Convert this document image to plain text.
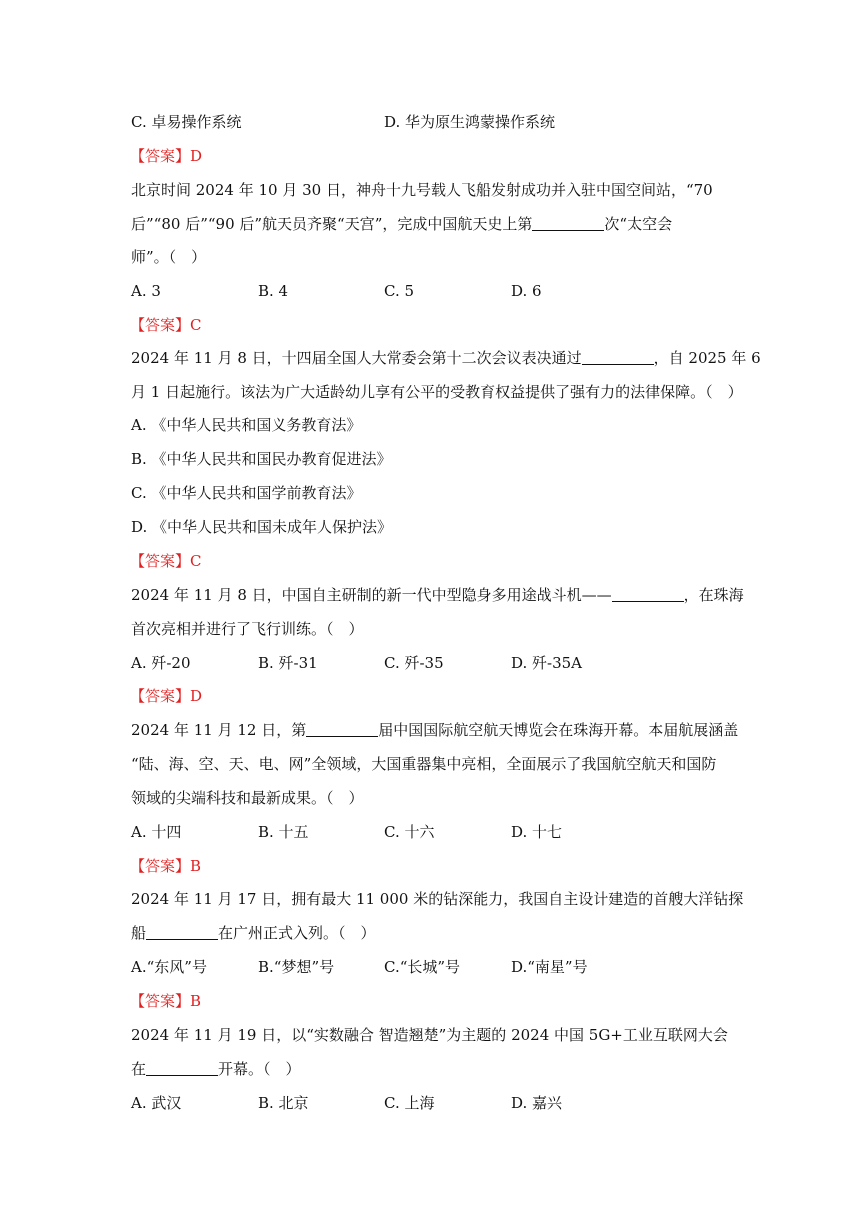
C. 卓易操作系统	D. 华为原生鸿蒙操作系统
【答案】D
北京时间 2024 年 10 月 30 日，神舟十九号载人飞船发射成功并入驻中国空间站，“70
后”“80 后”“90 后”航天员齐聚“天宫”，完成中国航天史上第	次“太空会
师”。（　）
A. 3	B. 4	C. 5	D. 6
【答案】C
2024 年 11 月 8 日，十四届全国人大常委会第十二次会议表决通过	，自 2025 年 6
月 1 日起施行。该法为广大适龄幼儿享有公平的受教育权益提供了强有力的法律保障。（　）
A. 《中华人民共和国义务教育法》
B. 《中华人民共和国民办教育促进法》
C. 《中华人民共和国学前教育法》
D. 《中华人民共和国未成年人保护法》
【答案】C
2024 年 11 月 8 日，中国自主研制的新一代中型隐身多用途战斗机——	，在珠海
首次亮相并进行了飞行训练。（　）
A. 歼-20	B. 歼-31	C. 歼-35	D. 歼-35A
【答案】D
2024 年 11 月 12 日，第	届中国国际航空航天博览会在珠海开幕。本届航展涵盖
“陆、海、空、天、电、网”全领域，大国重器集中亮相，全面展示了我国航空航天和国防
领域的尖端科技和最新成果。（　）
A. 十四	B. 十五	C. 十六	D. 十七
【答案】B
2024 年 11 月 17 日，拥有最大 11 000 米的钻深能力，我国自主设计建造的首艘大洋钻探
船	在广州正式入列。（　）
A.“东风”号	B.“梦想”号	C.“长城”号	D.“南星”号
【答案】B
2024 年 11 月 19 日，以“实数融合 智造翘楚”为主题的 2024 中国 5G+工业互联网大会
在	开幕。（　）
A. 武汉	B. 北京	C. 上海	D. 嘉兴
